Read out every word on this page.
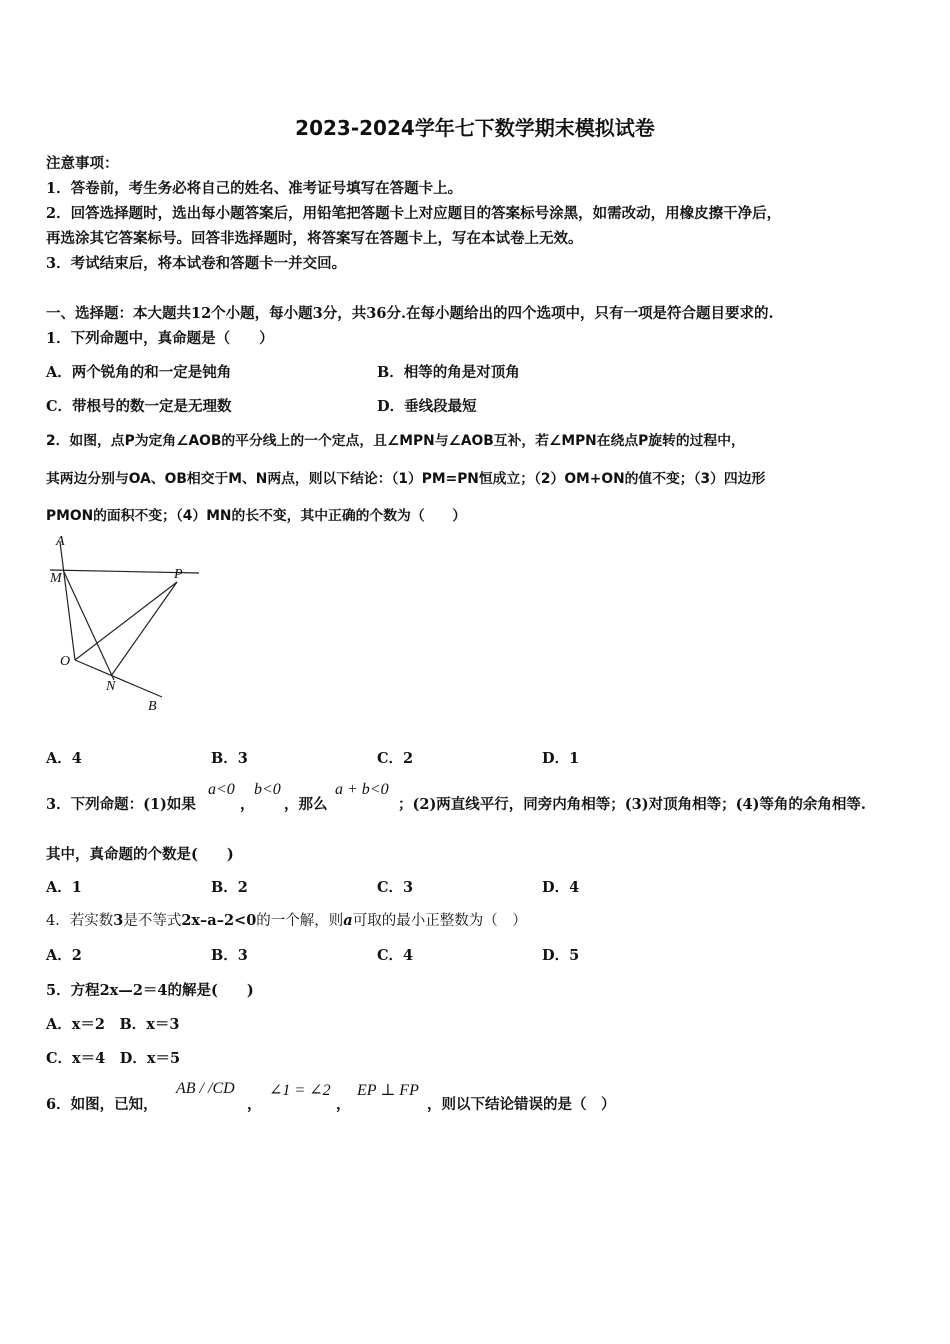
2023-2024学年七下数学期末模拟试卷
注意事项：
1．答卷前，考生务必将自己的姓名、准考证号填写在答题卡上。
2．回答选择题时，选出每小题答案后，用铅笔把答题卡上对应题目的答案标号涂黑，如需改动，用橡皮擦干净后，
再选涂其它答案标号。回答非选择题时，将答案写在答题卡上，写在本试卷上无效。
3．考试结束后，将本试卷和答题卡一并交回。
一、选择题：本大题共12个小题，每小题3分，共36分.在每小题给出的四个选项中，只有一项是符合题目要求的.
1．下列命题中，真命题是（　　）
A．两个锐角的和一定是钝角	B．相等的角是对顶角
C．带根号的数一定是无理数	D．垂线段最短
2．如图，点P为定角∠AOB的平分线上的一个定点，且∠MPN与∠AOB互补，若∠MPN在绕点P旋转的过程中，
其两边分别与OA、OB相交于M、N两点，则以下结论：（1）PM=PN恒成立；（2）OM+ON的值不变；（3）四边形
PMON的面积不变；（4）MN的长不变，其中正确的个数为（　　）
A
M	P
O
N
B
A．4	B．3	C．2	D．1
3．下列命题：(1)如果
a<0
，
b<0
，那么
a + b<0
；(2)两直线平行，同旁内角相等；(3)对顶角相等；(4)等角的余角相等.
其中，真命题的个数是(　　)
A．1	B．2	C．3	D．4
4．若实数3是不等式2x–a–2<0的一个解，则a可取的最小正整数为（　）
A．2	B．3	C．4	D．5
5．方程2x—2＝4的解是(　　)
A．x＝2　B．x＝3
C．x＝4　D．x＝5
6．如图，已知，
AB / /CD
，
∠1 = ∠2
，
EP ⊥ FP
，则以下结论错误的是（　）
